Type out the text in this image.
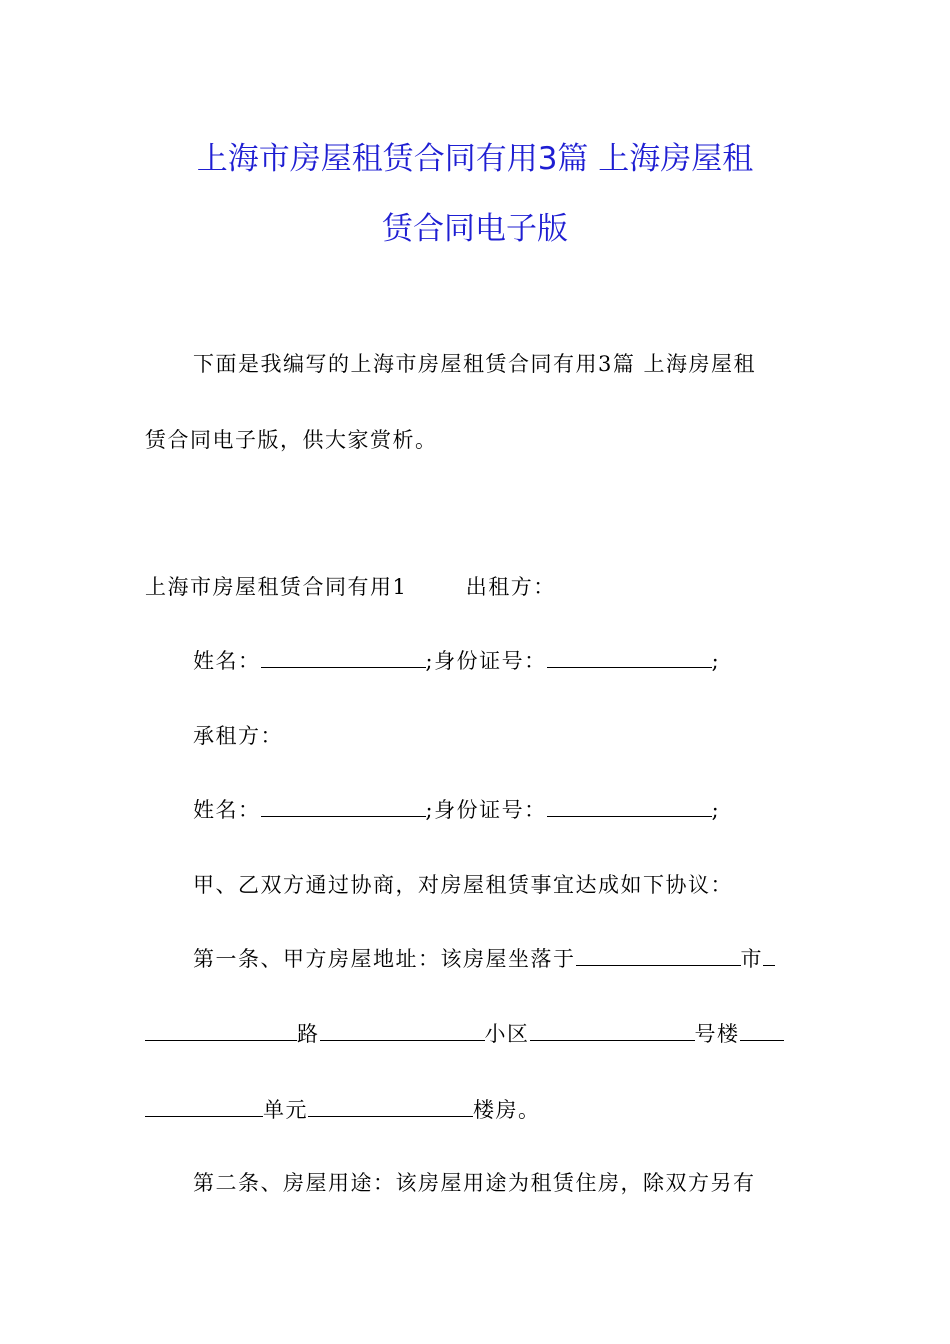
上海市房屋租赁合同有用3篇 上海房屋租
赁合同电子版
下面是我编写的上海市房屋租赁合同有用3篇 上海房屋租
赁合同电子版，供大家赏析。
上海市房屋租赁合同有用1	出租方：
姓名：	;身份证号：	;
承租方：
姓名：	;身份证号：	;
甲、乙双方通过协商，对房屋租赁事宜达成如下协议：
第一条、甲方房屋地址：该房屋坐落于	市
路	小区	号楼
单元	楼房。
第二条、房屋用途：该房屋用途为租赁住房，除双方另有
